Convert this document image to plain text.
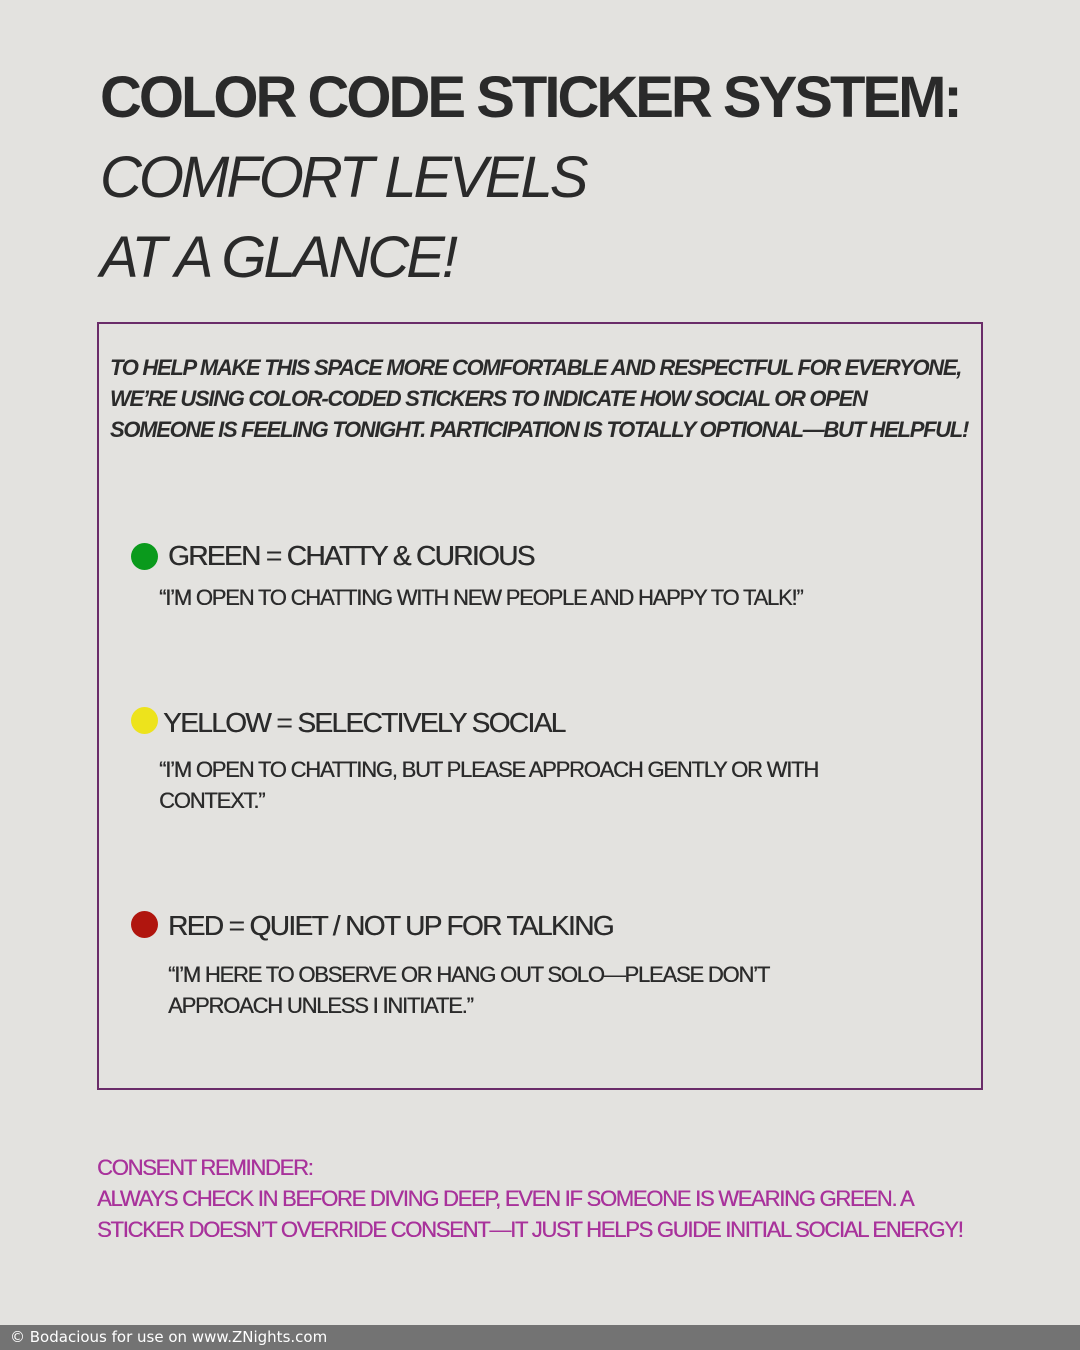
COLOR CODE STICKER SYSTEM:
COMFORT LEVELS
AT A GLANCE!

TO HELP MAKE THIS SPACE MORE COMFORTABLE AND RESPECTFUL FOR EVERYONE, WE’RE USING COLOR-CODED STICKERS TO INDICATE HOW SOCIAL OR OPEN SOMEONE IS FEELING TONIGHT. PARTICIPATION IS TOTALLY OPTIONAL—BUT HELPFUL!

GREEN = CHATTY & CURIOUS

“I’M OPEN TO CHATTING WITH NEW PEOPLE AND HAPPY TO TALK!”

YELLOW = SELECTIVELY SOCIAL

“I’M OPEN TO CHATTING, BUT PLEASE APPROACH GENTLY OR WITH CONTEXT.”

RED = QUIET / NOT UP FOR TALKING

“I’M HERE TO OBSERVE OR HANG OUT SOLO—PLEASE DON’T APPROACH UNLESS I INITIATE.”

CONSENT REMINDER:
ALWAYS CHECK IN BEFORE DIVING DEEP, EVEN IF SOMEONE IS WEARING GREEN. A STICKER DOESN’T OVERRIDE CONSENT—IT JUST HELPS GUIDE INITIAL SOCIAL ENERGY!

© Bodacious for use on www.ZNights.com
